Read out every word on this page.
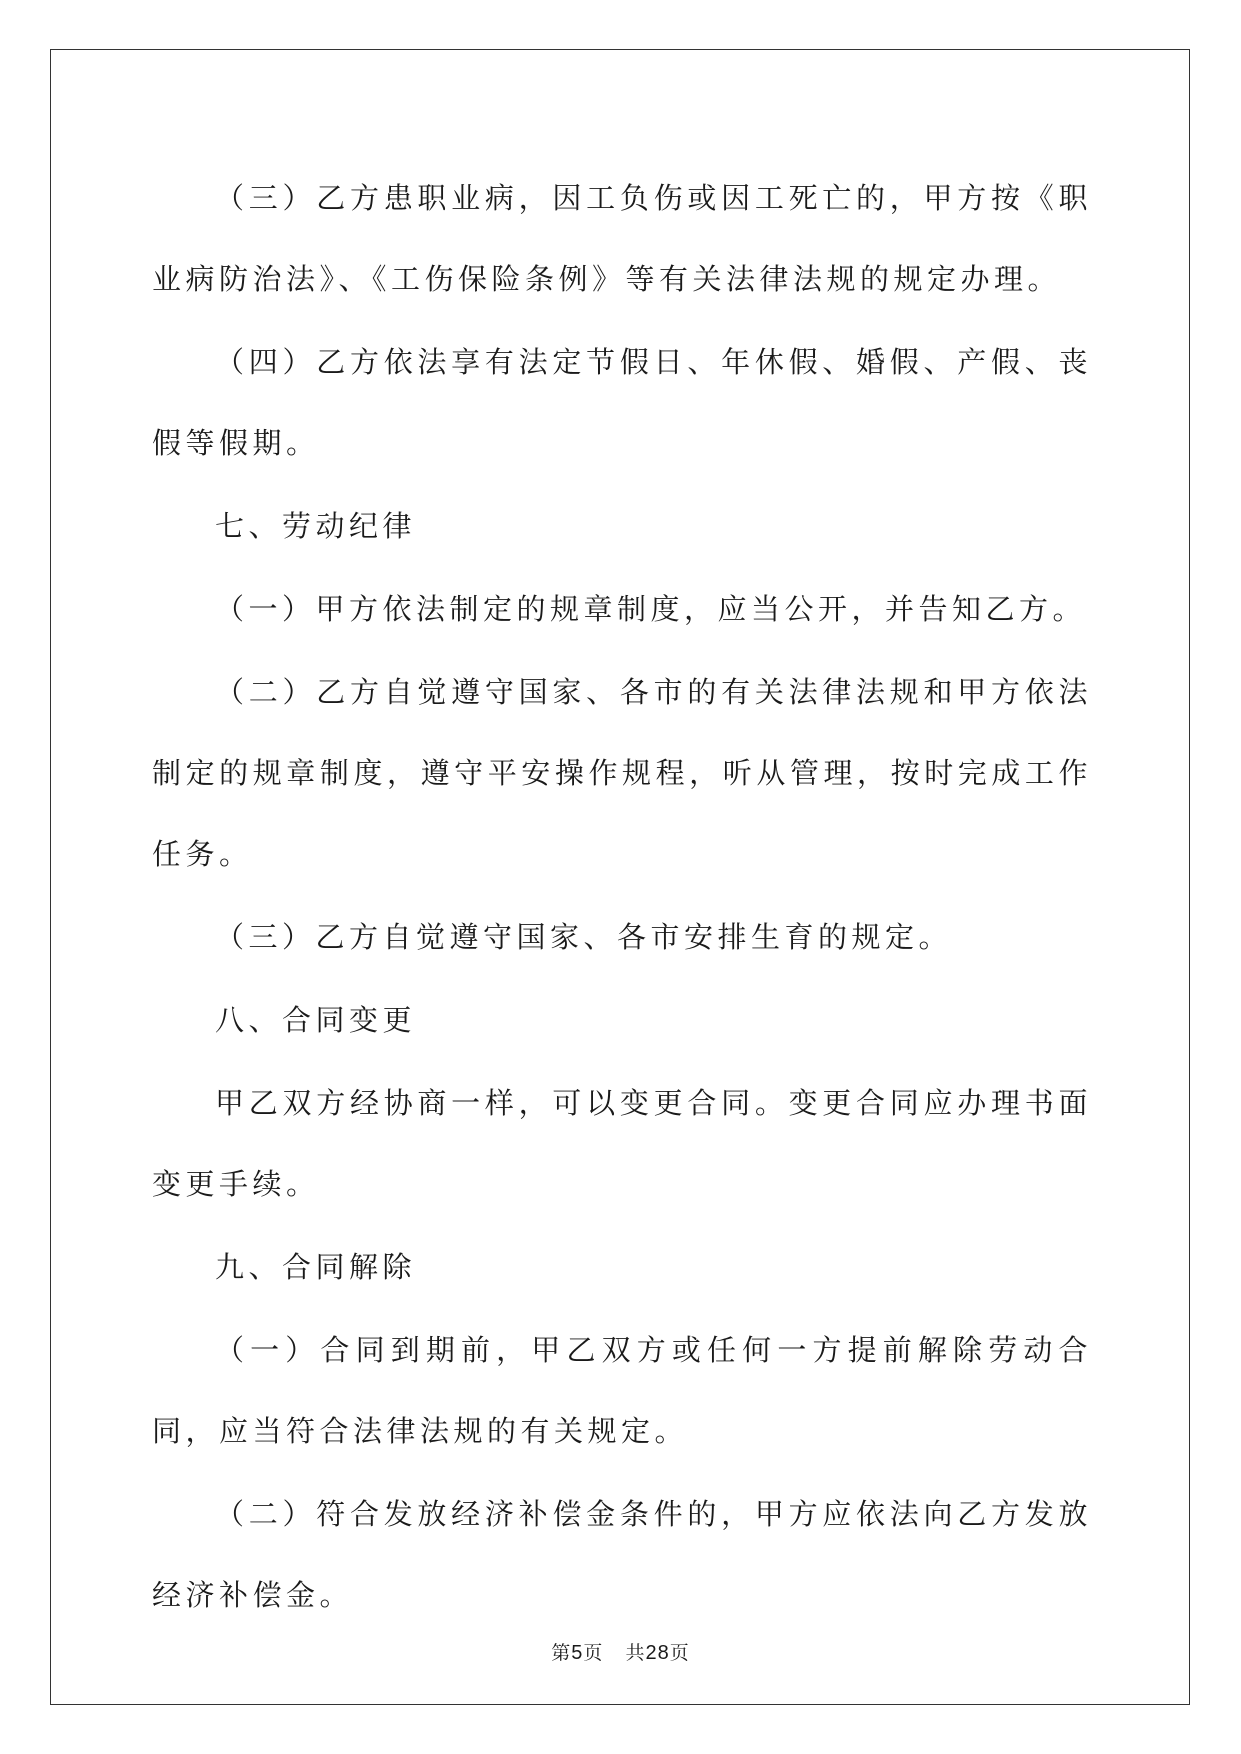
（三）乙方患职业病，因工负伤或因工死亡的，甲方按《职业病防治法》、《工伤保险条例》等有关法律法规的规定办理。

（四）乙方依法享有法定节假日、年休假、婚假、产假、丧假等假期。

七、劳动纪律

（一）甲方依法制定的规章制度，应当公开，并告知乙方。

（二）乙方自觉遵守国家、各市的有关法律法规和甲方依法制定的规章制度，遵守平安操作规程，听从管理，按时完成工作任务。

（三）乙方自觉遵守国家、各市安排生育的规定。

八、合同变更

甲乙双方经协商一样，可以变更合同。变更合同应办理书面变更手续。

九、合同解除

（一）合同到期前，甲乙双方或任何一方提前解除劳动合同，应当符合法律法规的有关规定。

（二）符合发放经济补偿金条件的，甲方应依法向乙方发放经济补偿金。

第5页 共28页
